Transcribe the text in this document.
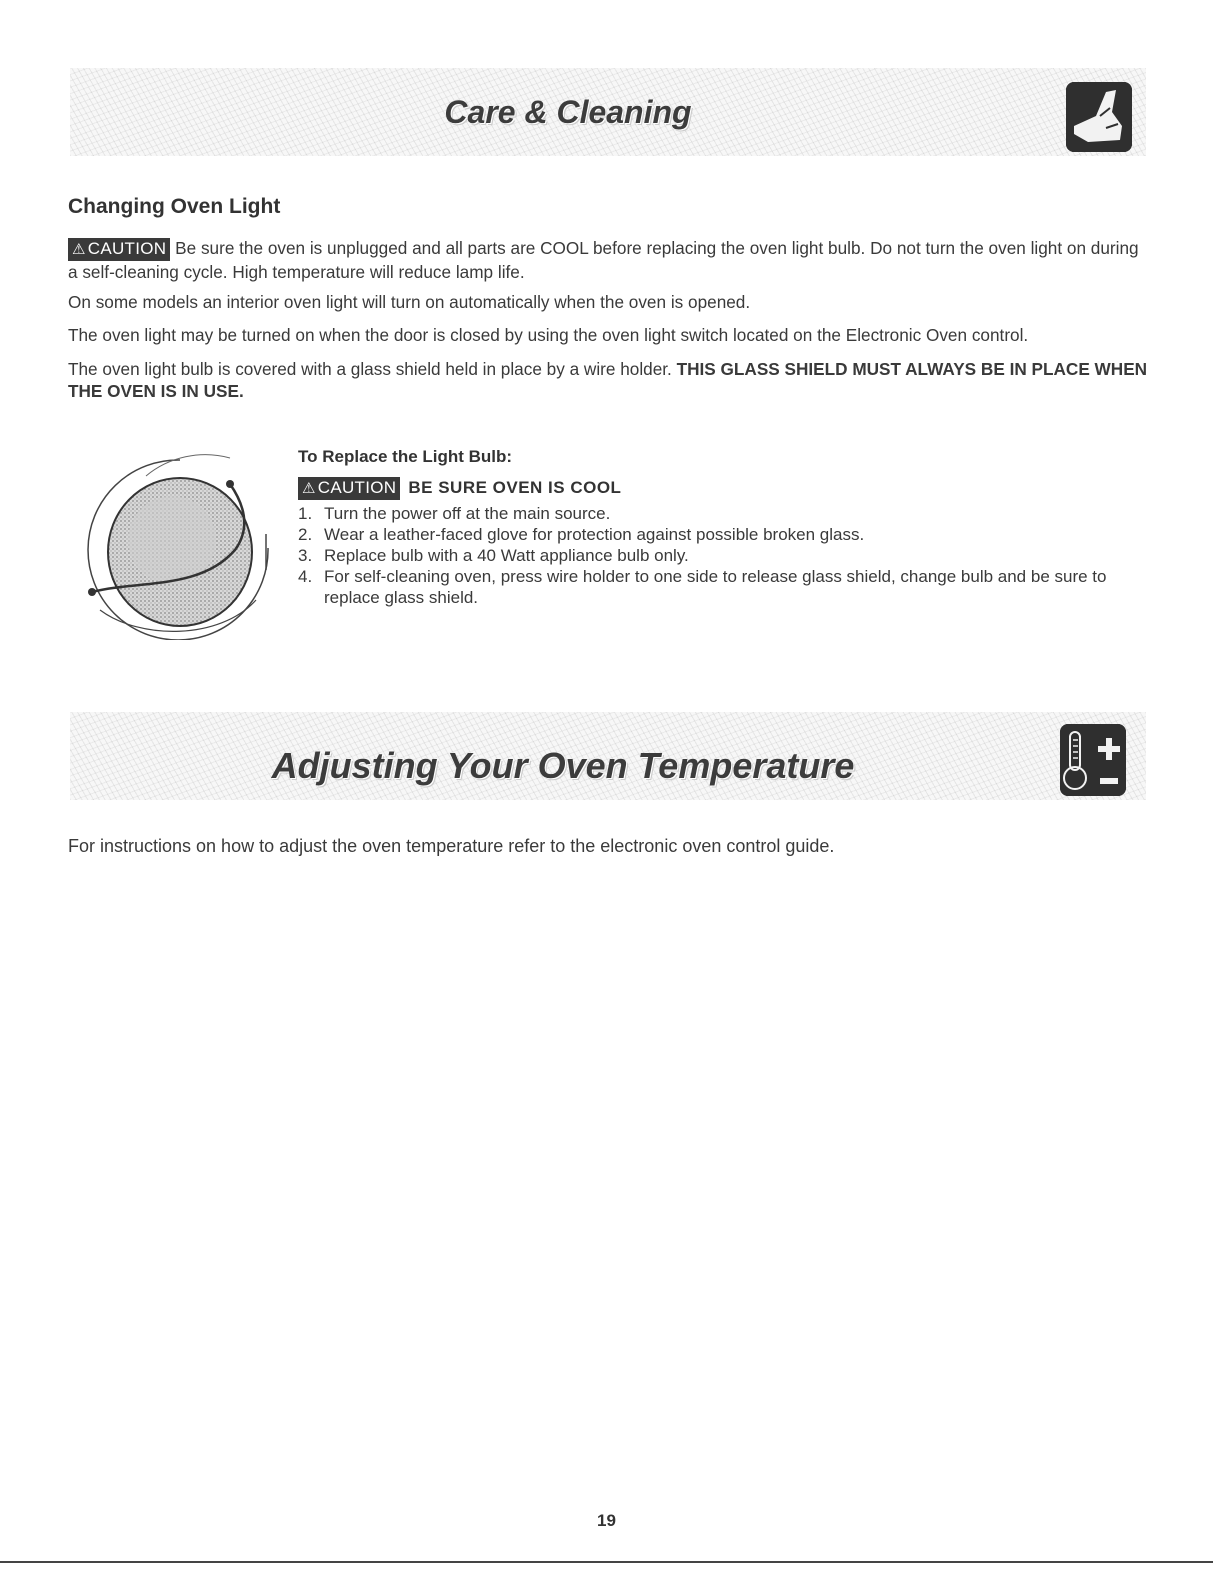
Care & Cleaning
Changing Oven Light
⚠ CAUTION Be sure the oven is unplugged and all parts are COOL before replacing the oven light bulb. Do not turn the oven light on during a self-cleaning cycle. High temperature will reduce lamp life.
On some models an interior oven light will turn on automatically when the oven is opened.
The oven light may be turned on when the door is closed by using the oven light switch located on the Electronic Oven control.
The oven light bulb is covered with a glass shield held in place by a wire holder. THIS GLASS SHIELD MUST ALWAYS BE IN PLACE WHEN THE OVEN IS IN USE.
To Replace the Light Bulb:
⚠ CAUTION BE SURE OVEN IS COOL
1. Turn the power off at the main source.
2. Wear a leather-faced glove for protection against possible broken glass.
3. Replace bulb with a 40 Watt appliance bulb only.
4. For self-cleaning oven, press wire holder to one side to release glass shield, change bulb and be sure to replace glass shield.
Adjusting Your Oven Temperature
For instructions on how to adjust the oven temperature refer to the electronic oven control guide.
19
